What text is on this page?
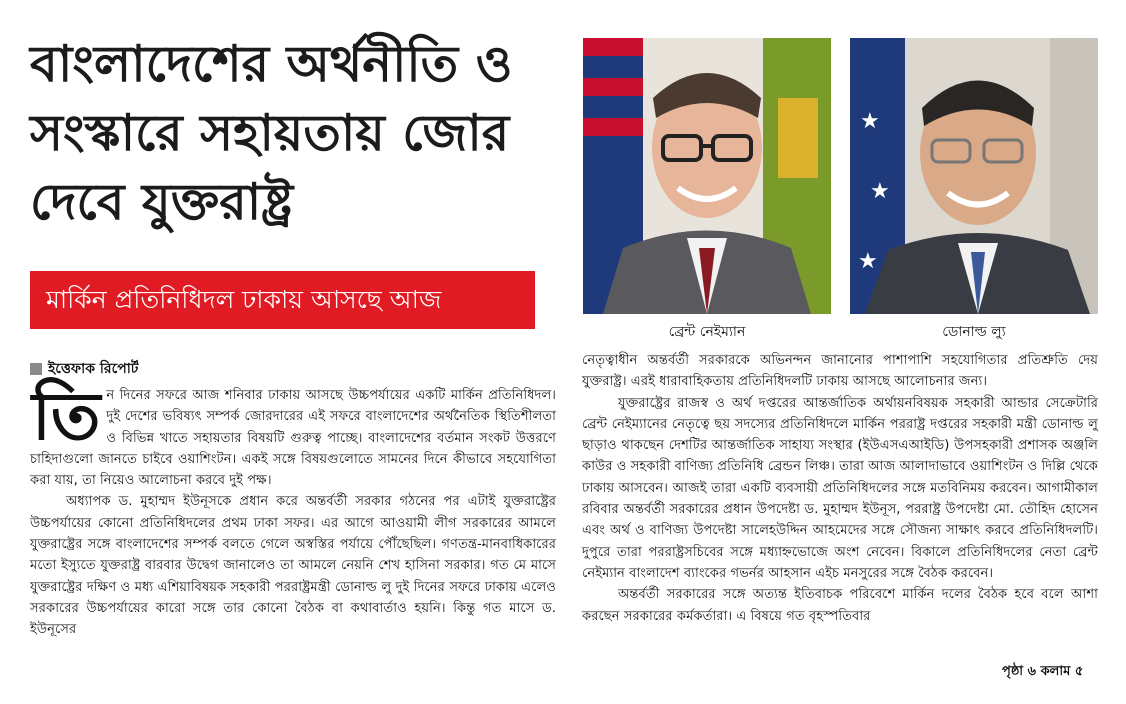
বাংলাদেশের অর্থনীতি ও
সংস্কারে সহায়তায় জোর
দেবে যুক্তরাষ্ট্র
মার্কিন প্রতিনিধিদল ঢাকায় আসছে আজ
ব্রেন্ট নেইম্যান
★
★
★
ডোনাল্ড ল্যু
ইত্তেফাক রিপোর্ট

তিন দিনের সফরে আজ শনিবার ঢাকায় আসছে উচ্চপর্যায়ের একটি মার্কিন প্রতিনিধিদল। দুই দেশের ভবিষ্যৎ সম্পর্ক জোরদারের এই সফরে বাংলাদেশের অর্থনৈতিক স্থিতিশীলতা ও বিভিন্ন খাতে সহায়তার বিষয়টি গুরুত্ব পাচ্ছে। বাংলাদেশের বর্তমান সংকট উত্তরণে চাহিদাগুলো জানতে চাইবে ওয়াশিংটন। একই সঙ্গে বিষয়গুলোতে সামনের দিনে কীভাবে সহযোগিতা করা যায়, তা নিয়েও আলোচনা করবে দুই পক্ষ।

অধ্যাপক ড. মুহাম্মদ ইউনূসকে প্রধান করে অন্তর্বর্তী সরকার গঠনের পর এটাই যুক্তরাষ্ট্রের উচ্চপর্যায়ের কোনো প্রতিনিধিদলের প্রথম ঢাকা সফর। এর আগে আওয়ামী লীগ সরকারের আমলে যুক্তরাষ্ট্রের সঙ্গে বাংলাদেশের সম্পর্ক বলতে গেলে অস্বস্তির পর্যায়ে পৌঁছেছিল। গণতন্ত্র-মানবাধিকারের মতো ইস্যুতে যুক্তরাষ্ট্র বারবার উদ্বেগ জানালেও তা আমলে নেয়নি শেখ হাসিনা সরকার। গত মে মাসে যুক্তরাষ্ট্রের দক্ষিণ ও মধ্য এশিয়াবিষয়ক সহকারী পররাষ্ট্রমন্ত্রী ডোনাল্ড লু দুই দিনের সফরে ঢাকায় এলেও সরকারের উচ্চপর্যায়ের কারো সঙ্গে তার কোনো বৈঠক বা কথাবার্তাও হয়নি। কিন্তু গত মাসে ড. ইউনূসের

নেতৃত্বাধীন অন্তর্বর্তী সরকারকে অভিনন্দন জানানোর পাশাপাশি সহযোগিতার প্রতিশ্রুতি দেয় যুক্তরাষ্ট্র। এরই ধারাবাহিকতায় প্রতিনিধিদলটি ঢাকায় আসছে আলোচনার জন্য।

যুক্তরাষ্ট্রের রাজস্ব ও অর্থ দপ্তরের আন্তর্জাতিক অর্থায়নবিষয়ক সহকারী আন্ডার সেক্রেটারি ব্রেন্ট নেইম্যানের নেতৃত্বে ছয় সদস্যের প্রতিনিধিদলে মার্কিন পররাষ্ট্র দপ্তরের সহকারী মন্ত্রী ডোনাল্ড লু ছাড়াও থাকছেন দেশটির আন্তর্জাতিক সাহায্য সংস্থার (ইউএসএআইডি) উপসহকারী প্রশাসক অঞ্জলি কাউর ও সহকারী বাণিজ্য প্রতিনিধি ব্রেন্ডন লিঞ্চ। তারা আজ আলাদাভাবে ওয়াশিংটন ও দিল্লি থেকে ঢাকায় আসবেন। আজই তারা একটি ব্যবসায়ী প্রতিনিধিদলের সঙ্গে মতবিনিময় করবেন। আগামীকাল রবিবার অন্তর্বর্তী সরকারের প্রধান উপদেষ্টা ড. মুহাম্মদ ইউনূস, পররাষ্ট্র উপদেষ্টা মো. তৌহিদ হোসেন এবং অর্থ ও বাণিজ্য উপদেষ্টা সালেহউদ্দিন আহমেদের সঙ্গে সৌজন্য সাক্ষাৎ করবে প্রতিনিধিদলটি। দুপুরে তারা পররাষ্ট্রসচিবের সঙ্গে মধ্যাহ্নভোজে অংশ নেবেন। বিকালে প্রতিনিধিদলের নেতা ব্রেন্ট নেইম্যান বাংলাদেশ ব্যাংকের গভর্নর আহসান এইচ মনসুরের সঙ্গে বৈঠক করবেন।

অন্তর্বর্তী সরকারের সঙ্গে অত্যন্ত ইতিবাচক পরিবেশে মার্কিন দলের বৈঠক হবে বলে আশা করছেন সরকারের কর্মকর্তারা। এ বিষয়ে গত বৃহস্পতিবার

পৃষ্ঠা ৬ কলাম ৫
